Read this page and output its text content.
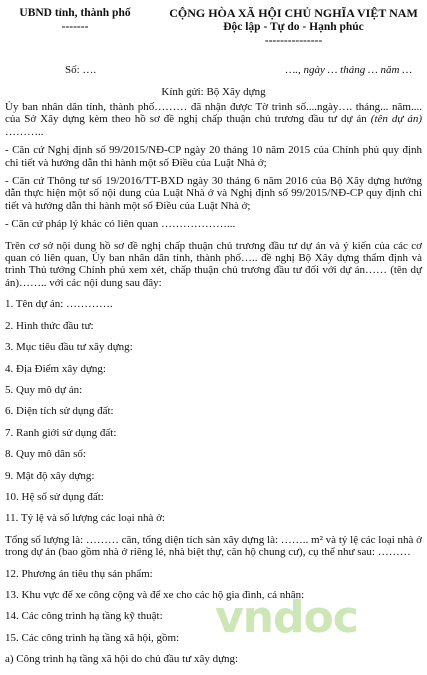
UBND tỉnh, thành phố
-------
CỘNG HÒA XÃ HỘI CHỦ NGHĨA VIỆT NAM
Độc lập - Tự do - Hạnh phúc
---------------
Số: ….	…., ngày … tháng … năm …
Kính gửi: Bộ Xây dựng

Ủy ban nhân dân tỉnh, thành phố……… đã nhận được Tờ trình số....ngày…. tháng... năm.... của Sở Xây dựng kèm theo hồ sơ đề nghị chấp thuận chủ trương đầu tư dự án (tên dự án) ………..

- Căn cứ Nghị định số 99/2015/NĐ-CP ngày 20 tháng 10 năm 2015 của Chính phủ quy định chi tiết và hướng dẫn thi hành một số Điều của Luật Nhà ở;

- Căn cứ Thông tư số 19/2016/TT-BXD ngày 30 tháng 6 năm 2016 của Bộ Xây dựng hướng dẫn thực hiện một số nội dung của Luật Nhà ở và Nghị định số 99/2015/NĐ-CP quy định chi tiết và hướng dẫn thi hành một số Điều của Luật Nhà ở;

- Căn cứ pháp lý khác có liên quan ………………...

Trên cơ sở nội dung hồ sơ đề nghị chấp thuận chủ trương đầu tư dự án và ý kiến của các cơ quan có liên quan, Ủy ban nhân dân tỉnh, thành phố….. đề nghị Bộ Xây dựng thẩm định và trình Thủ tướng Chính phủ xem xét, chấp thuận chủ trương đầu tư đối với dự án…… (tên dự án)…….. với các nội dung sau đây:

1. Tên dự án: ………….

2. Hình thức đầu tư:

3. Mục tiêu đầu tư xây dựng:

4. Địa Điểm xây dựng:

5. Quy mô dự án:

6. Diện tích sử dụng đất:

7. Ranh giới sử dụng đất:

8. Quy mô dân số:

9. Mật độ xây dựng:

10. Hệ số sử dụng đất:

11. Tỷ lệ và số lượng các loại nhà ở:

Tổng số lượng là: ……… căn, tổng diện tích sàn xây dựng là: …….. m² và tỷ lệ các loại nhà ở trong dự án (bao gồm nhà ở riêng lẻ, nhà biệt thự, căn hộ chung cư), cụ thể như sau: ………

12. Phương án tiêu thụ sản phẩm:

13. Khu vực để xe công cộng và để xe cho các hộ gia đình, cá nhân:

14. Các công trình hạ tầng kỹ thuật:

15. Các công trình hạ tầng xã hội, gồm:

a) Công trình hạ tầng xã hội do chủ đầu tư xây dựng:

vndoc
